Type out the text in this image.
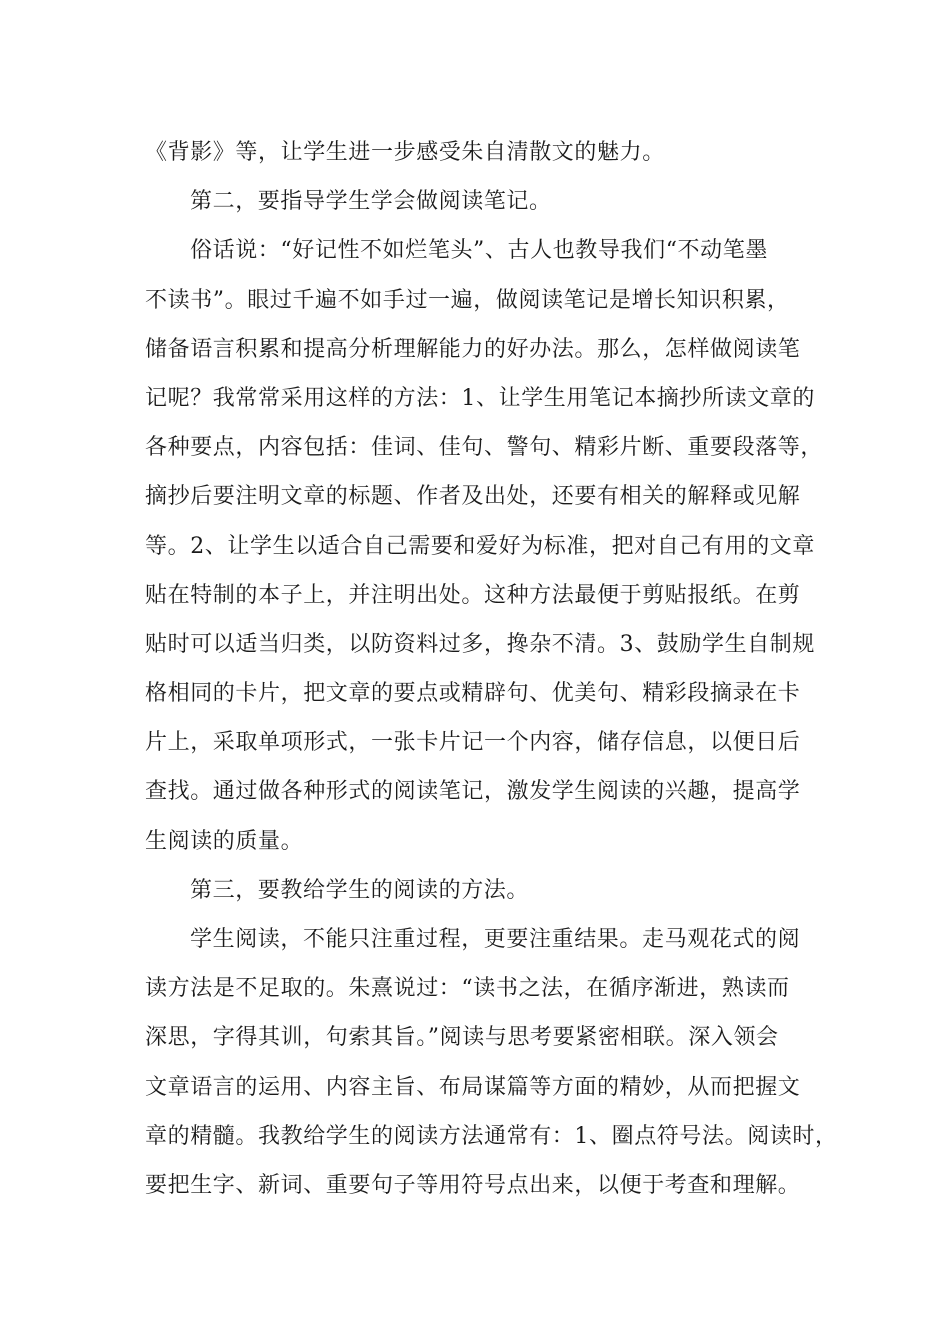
《背影》等，让学生进一步感受朱自清散文的魅力。
第二，要指导学生学会做阅读笔记。
俗话说：“好记性不如烂笔头”、古人也教导我们“不动笔墨
不读书”。眼过千遍不如手过一遍，做阅读笔记是增长知识积累，
储备语言积累和提高分析理解能力的好办法。那么，怎样做阅读笔
记呢？我常常采用这样的方法：1、让学生用笔记本摘抄所读文章的
各种要点，内容包括：佳词、佳句、警句、精彩片断、重要段落等，
摘抄后要注明文章的标题、作者及出处，还要有相关的解释或见解
等。2、让学生以适合自己需要和爱好为标准，把对自己有用的文章
贴在特制的本子上，并注明出处。这种方法最便于剪贴报纸。在剪
贴时可以适当归类，以防资料过多，搀杂不清。3、鼓励学生自制规
格相同的卡片，把文章的要点或精辟句、优美句、精彩段摘录在卡
片上，采取单项形式，一张卡片记一个内容，储存信息，以便日后
查找。通过做各种形式的阅读笔记，激发学生阅读的兴趣，提高学
生阅读的质量。
第三，要教给学生的阅读的方法。
学生阅读，不能只注重过程，更要注重结果。走马观花式的阅
读方法是不足取的。朱熹说过：“读书之法，在循序渐进，熟读而
深思，字得其训，句索其旨。”阅读与思考要紧密相联。深入领会
文章语言的运用、内容主旨、布局谋篇等方面的精妙，从而把握文
章的精髓。我教给学生的阅读方法通常有：1、圈点符号法。阅读时，
要把生字、新词、重要句子等用符号点出来，以便于考查和理解。
